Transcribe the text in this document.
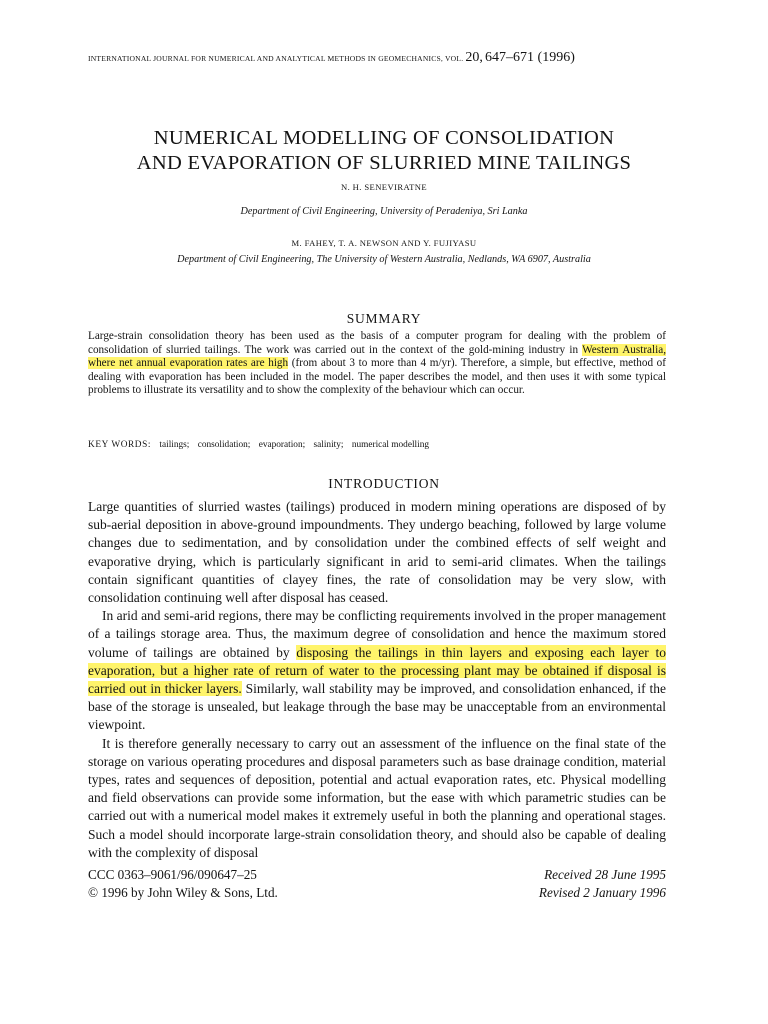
INTERNATIONAL JOURNAL FOR NUMERICAL AND ANALYTICAL METHODS IN GEOMECHANICS, VOL. 20, 647–671 (1996)
NUMERICAL MODELLING OF CONSOLIDATION
AND EVAPORATION OF SLURRIED MINE TAILINGS
N. H. SENEVIRATNE
Department of Civil Engineering, University of Peradeniya, Sri Lanka
M. FAHEY, T. A. NEWSON AND Y. FUJIYASU
Department of Civil Engineering, The University of Western Australia, Nedlands, WA 6907, Australia
SUMMARY
Large-strain consolidation theory has been used as the basis of a computer program for dealing with the problem of consolidation of slurried tailings. The work was carried out in the context of the gold-mining industry in Western Australia, where net annual evaporation rates are high (from about 3 to more than 4 m/yr). Therefore, a simple, but effective, method of dealing with evaporation has been included in the model. The paper describes the model, and then uses it with some typical problems to illustrate its versatility and to show the complexity of the behaviour which can occur.
KEY WORDS: tailings; consolidation; evaporation; salinity; numerical modelling
INTRODUCTION

Large quantities of slurried wastes (tailings) produced in modern mining operations are disposed of by sub-aerial deposition in above-ground impoundments. They undergo beaching, followed by large volume changes due to sedimentation, and by consolidation under the combined effects of self weight and evaporative drying, which is particularly significant in arid to semi-arid climates. When the tailings contain significant quantities of clayey fines, the rate of consolidation may be very slow, with consolidation continuing well after disposal has ceased.

In arid and semi-arid regions, there may be conflicting requirements involved in the proper management of a tailings storage area. Thus, the maximum degree of consolidation and hence the maximum stored volume of tailings are obtained by disposing the tailings in thin layers and exposing each layer to evaporation, but a higher rate of return of water to the processing plant may be obtained if disposal is carried out in thicker layers. Similarly, wall stability may be improved, and consolidation enhanced, if the base of the storage is unsealed, but leakage through the base may be unacceptable from an environmental viewpoint.

It is therefore generally necessary to carry out an assessment of the influence on the final state of the storage on various operating procedures and disposal parameters such as base drainage condition, material types, rates and sequences of deposition, potential and actual evaporation rates, etc. Physical modelling and field observations can provide some information, but the ease with which parametric studies can be carried out with a numerical model makes it extremely useful in both the planning and operational stages. Such a model should incorporate large-strain consolidation theory, and should also be capable of dealing with the complexity of disposal

CCC 0363–9061/96/090647–25
© 1996 by John Wiley & Sons, Ltd.
Received 28 June 1995
Revised 2 January 1996
